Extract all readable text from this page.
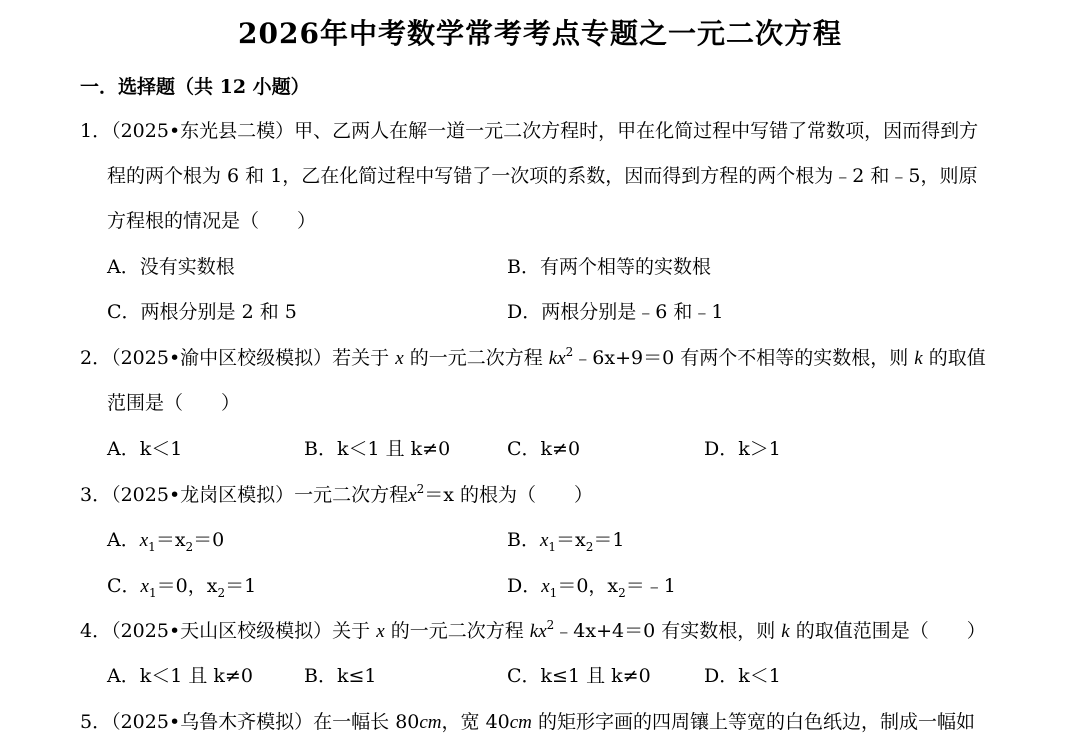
2026年中考数学常考考点专题之一元二次方程
一．选择题（共 12 小题）
1．（2025•东光县二模）甲、乙两人在解一道一元二次方程时，甲在化简过程中写错了常数项，因而得到方
程的两个根为 6 和 1，乙在化简过程中写错了一次项的系数，因而得到方程的两个根为﹣2 和﹣5，则原
方程根的情况是（　　）
A．没有实数根	B．有两个相等的实数根
C．两根分别是 2 和 5	D．两根分别是﹣6 和﹣1
2．（2025•渝中区校级模拟）若关于 x 的一元二次方程 $kx^2﹣6x+9=0$ 有两个不相等的实数根，则 k 的取值
范围是（　　）
A．k＜1	B．k＜1 且 k≠0	C．k≠0	D．k＞1
3．（2025•龙岗区模拟）一元二次方程$x^2=x$ 的根为（　　）
A．$x_1=x_2=0$	B．$x_1=x_2=1$
C．$x_1=0$，$x_2=1$	D．$x_1=0$，$x_2=﹣1$
4．（2025•天山区校级模拟）关于 x 的一元二次方程 $kx^2﹣4x+4=0$ 有实数根，则 k 的取值范围是（　　）
A．k＜1 且 k≠0	B．k≤1	C．k≤1 且 k≠0	D．k＜1
5．（2025•乌鲁木齐模拟）在一幅长 80cm，宽 40cm 的矩形字画的四周镶上等宽的白色纸边，制成一幅如
